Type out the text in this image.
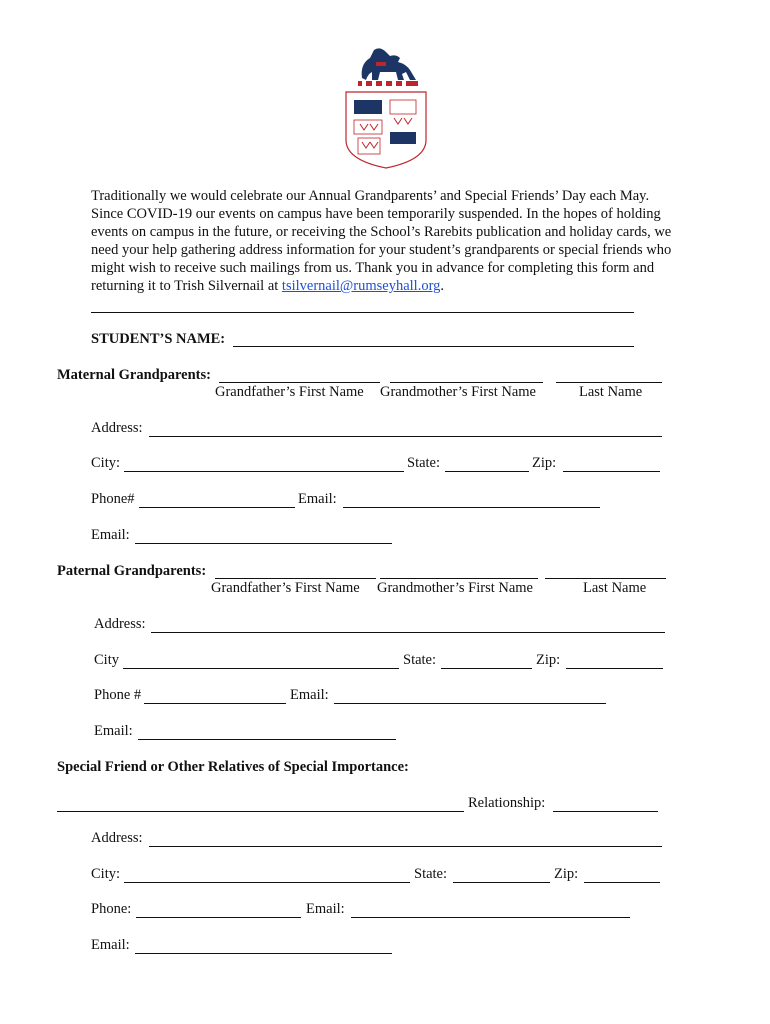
Traditionally we would celebrate our Annual Grandparents’ and Special Friends’ Day each May. Since COVID-19 our events on campus have been temporarily suspended. In the hopes of holding events on campus in the future, or receiving the School’s Rarebits publication and holiday cards, we need your help gathering address information for your student’s grandparents or special friends who might wish to receive such mailings from us. Thank you in advance for completing this form and returning it to Trish Silvernail at tsilvernail@rumseyhall.org.

STUDENT’S NAME:
Maternal Grandparents:
Grandfather’s First Name Grandmother’s First Name	Last Name
Address:
City:	State:	Zip:
Phone#	Email:
Email:
Paternal Grandparents:
Grandfather’s First Name Grandmother’s First Name	Last Name
Address:
City	State:	Zip:
Phone #	Email:
Email:
Special Friend or Other Relatives of Special Importance:
Relationship:
Address:
City:	State:	Zip:
Phone:	Email:
Email:
